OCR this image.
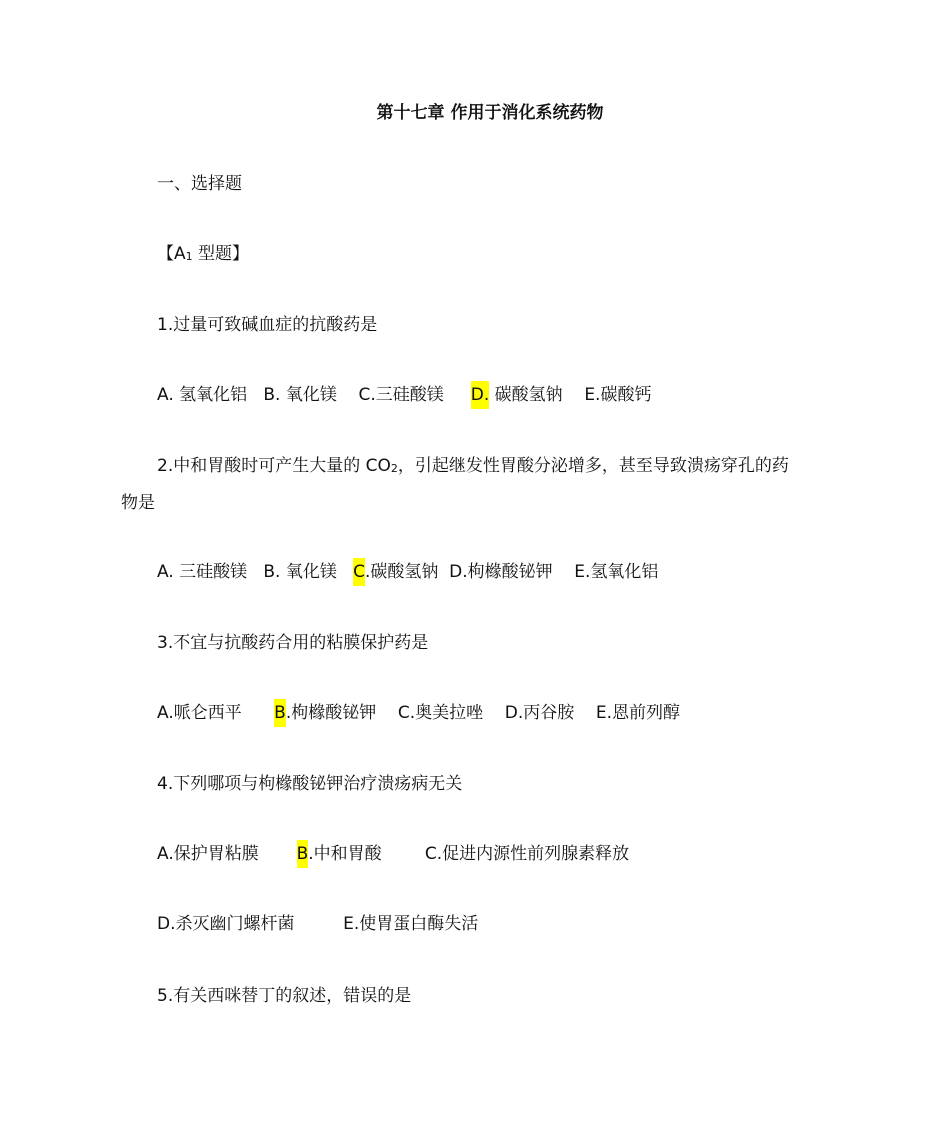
第十七章 作用于消化系统药物
一、选择题
【$A_1$ 型题】
1.过量可致碱血症的抗酸药是
A. 氢氧化铝 B. 氧化镁 C.三硅酸镁 D. 碳酸氢钠 E.碳酸钙
2.中和胃酸时可产生大量的 $CO_2$，引起继发性胃酸分泌增多，甚至导致溃疡穿孔的药
物是
A. 三硅酸镁 B. 氧化镁 C.碳酸氢钠 D.枸橼酸铋钾 E.氢氧化铝
3.不宜与抗酸药合用的粘膜保护药是
A.哌仑西平 B.枸橼酸铋钾 C.奥美拉唑 D.丙谷胺 E.恩前列醇
4.下列哪项与枸橼酸铋钾治疗溃疡病无关
A.保护胃粘膜 B.中和胃酸	C.促进内源性前列腺素释放
D.杀灭幽门螺杆菌	E.使胃蛋白酶失活
5.有关西咪替丁的叙述，错误的是
